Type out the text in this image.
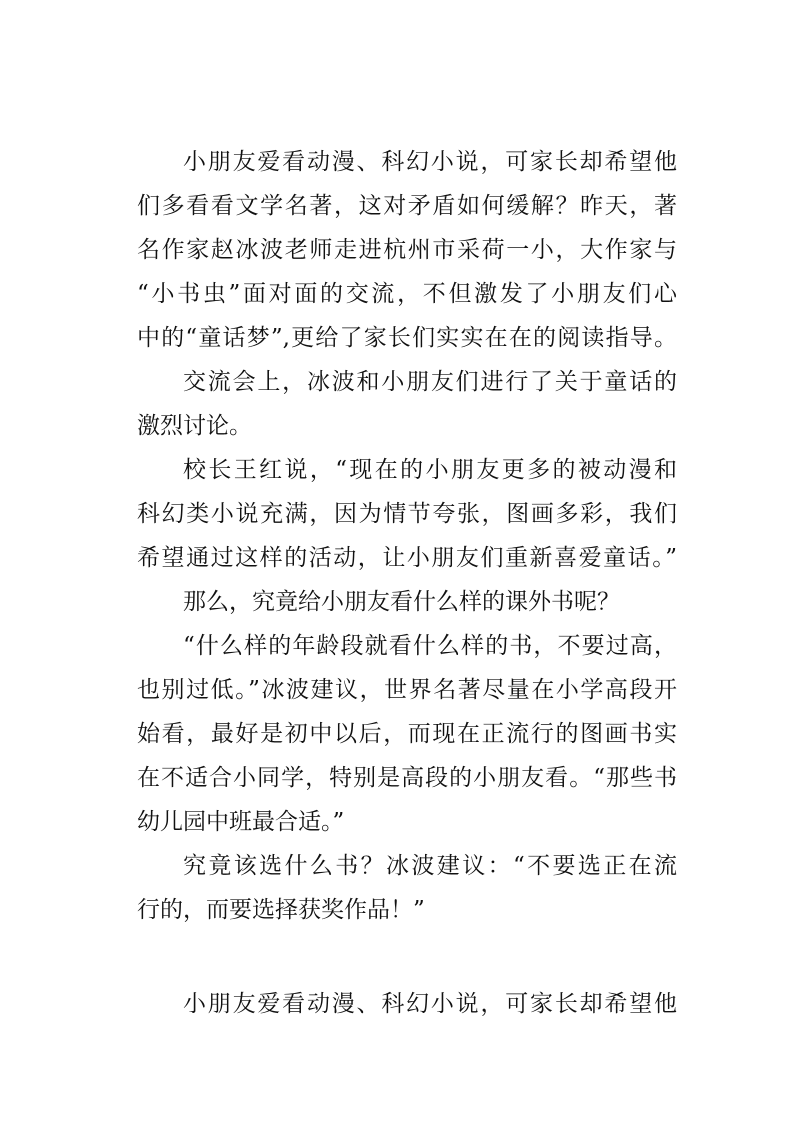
小朋友爱看动漫、科幻小说，可家长却希望他
们多看看文学名著，这对矛盾如何缓解？昨天，著
名作家赵冰波老师走进杭州市采荷一小，大作家与
“小书虫”面对面的交流，不但激发了小朋友们心
中的“童话梦”,更给了家长们实实在在的阅读指导。
交流会上，冰波和小朋友们进行了关于童话的
激烈讨论。
校长王红说，“现在的小朋友更多的被动漫和
科幻类小说充满，因为情节夸张，图画多彩，我们
希望通过这样的活动，让小朋友们重新喜爱童话。”
那么，究竟给小朋友看什么样的课外书呢？
“什么样的年龄段就看什么样的书，不要过高，
也别过低。”冰波建议，世界名著尽量在小学高段开
始看，最好是初中以后，而现在正流行的图画书实
在不适合小同学，特别是高段的小朋友看。“那些书
幼儿园中班最合适。”
究竟该选什么书？冰波建议：“不要选正在流
行的，而要选择获奖作品！”
小朋友爱看动漫、科幻小说，可家长却希望他
